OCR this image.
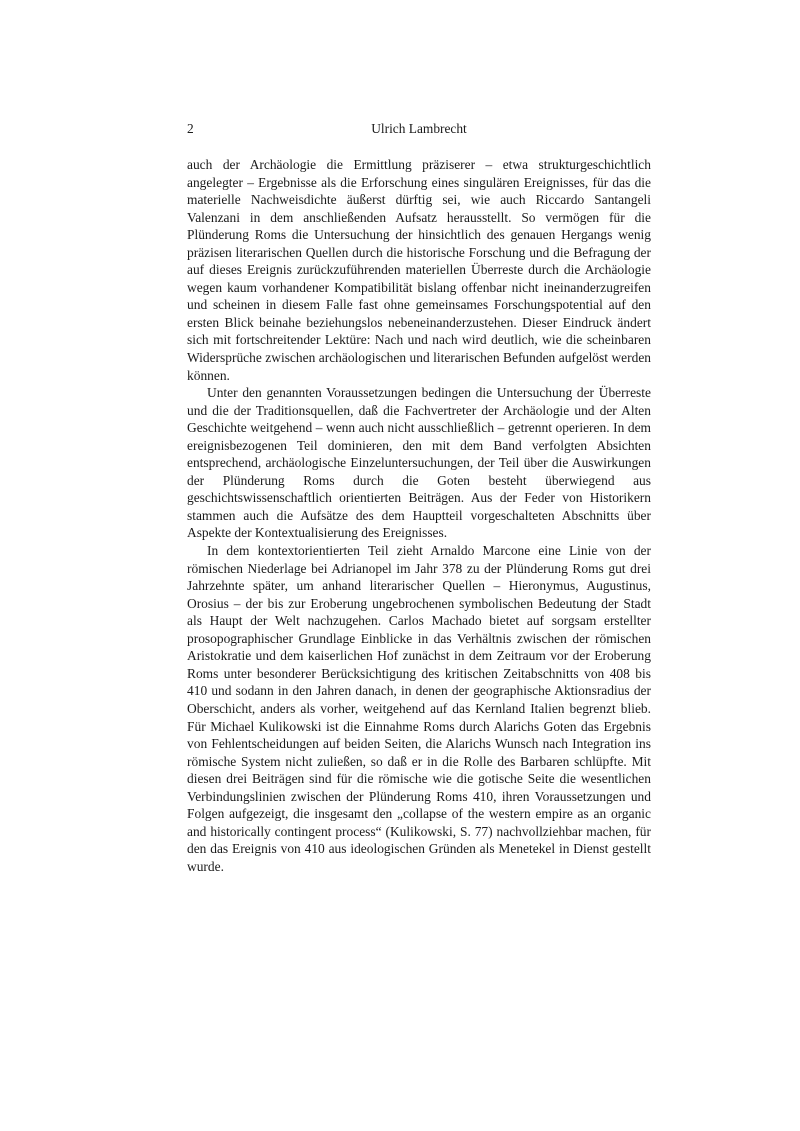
2	Ulrich Lambrecht

auch der Archäologie die Ermittlung präziserer – etwa strukturgeschichtlich angelegter – Ergebnisse als die Erforschung eines singulären Ereignisses, für das die materielle Nachweisdichte äußerst dürftig sei, wie auch Riccardo Santangeli Valenzani in dem anschließenden Aufsatz herausstellt. So vermögen für die Plünderung Roms die Untersuchung der hinsichtlich des genauen Hergangs wenig präzisen literarischen Quellen durch die historische Forschung und die Befragung der auf dieses Ereignis zurückzuführenden materiellen Überreste durch die Archäologie wegen kaum vorhandener Kompatibilität bislang offenbar nicht ineinanderzugreifen und scheinen in diesem Falle fast ohne gemeinsames Forschungspotential auf den ersten Blick beinahe beziehungslos nebeneinanderzustehen. Dieser Eindruck ändert sich mit fortschreitender Lektüre: Nach und nach wird deutlich, wie die scheinbaren Widersprüche zwischen archäologischen und literarischen Befunden aufgelöst werden können.

Unter den genannten Voraussetzungen bedingen die Untersuchung der Überreste und die der Traditionsquellen, daß die Fachvertreter der Archäologie und der Alten Geschichte weitgehend – wenn auch nicht ausschließlich – getrennt operieren. In dem ereignisbezogenen Teil dominieren, den mit dem Band verfolgten Absichten entsprechend, archäologische Einzeluntersuchungen, der Teil über die Auswirkungen der Plünderung Roms durch die Goten besteht überwiegend aus geschichtswissenschaftlich orientierten Beiträgen. Aus der Feder von Historikern stammen auch die Aufsätze des dem Hauptteil vorgeschalteten Abschnitts über Aspekte der Kontextualisierung des Ereignisses.

In dem kontextorientierten Teil zieht Arnaldo Marcone eine Linie von der römischen Niederlage bei Adrianopel im Jahr 378 zu der Plünderung Roms gut drei Jahrzehnte später, um anhand literarischer Quellen – Hieronymus, Augustinus, Orosius – der bis zur Eroberung ungebrochenen symbolischen Bedeutung der Stadt als Haupt der Welt nachzugehen. Carlos Machado bietet auf sorgsam erstellter prosopographischer Grundlage Einblicke in das Verhältnis zwischen der römischen Aristokratie und dem kaiserlichen Hof zunächst in dem Zeitraum vor der Eroberung Roms unter besonderer Berücksichtigung des kritischen Zeitabschnitts von 408 bis 410 und sodann in den Jahren danach, in denen der geographische Aktionsradius der Oberschicht, anders als vorher, weitgehend auf das Kernland Italien begrenzt blieb. Für Michael Kulikowski ist die Einnahme Roms durch Alarichs Goten das Ergebnis von Fehlentscheidungen auf beiden Seiten, die Alarichs Wunsch nach Integration ins römische System nicht zuließen, so daß er in die Rolle des Barbaren schlüpfte. Mit diesen drei Beiträgen sind für die römische wie die gotische Seite die wesentlichen Verbindungslinien zwischen der Plünderung Roms 410, ihren Voraussetzungen und Folgen aufgezeigt, die insgesamt den „collapse of the western empire as an organic and historically contingent process“ (Kulikowski, S. 77) nachvollziehbar machen, für den das Ereignis von 410 aus ideologischen Gründen als Menetekel in Dienst gestellt wurde.
